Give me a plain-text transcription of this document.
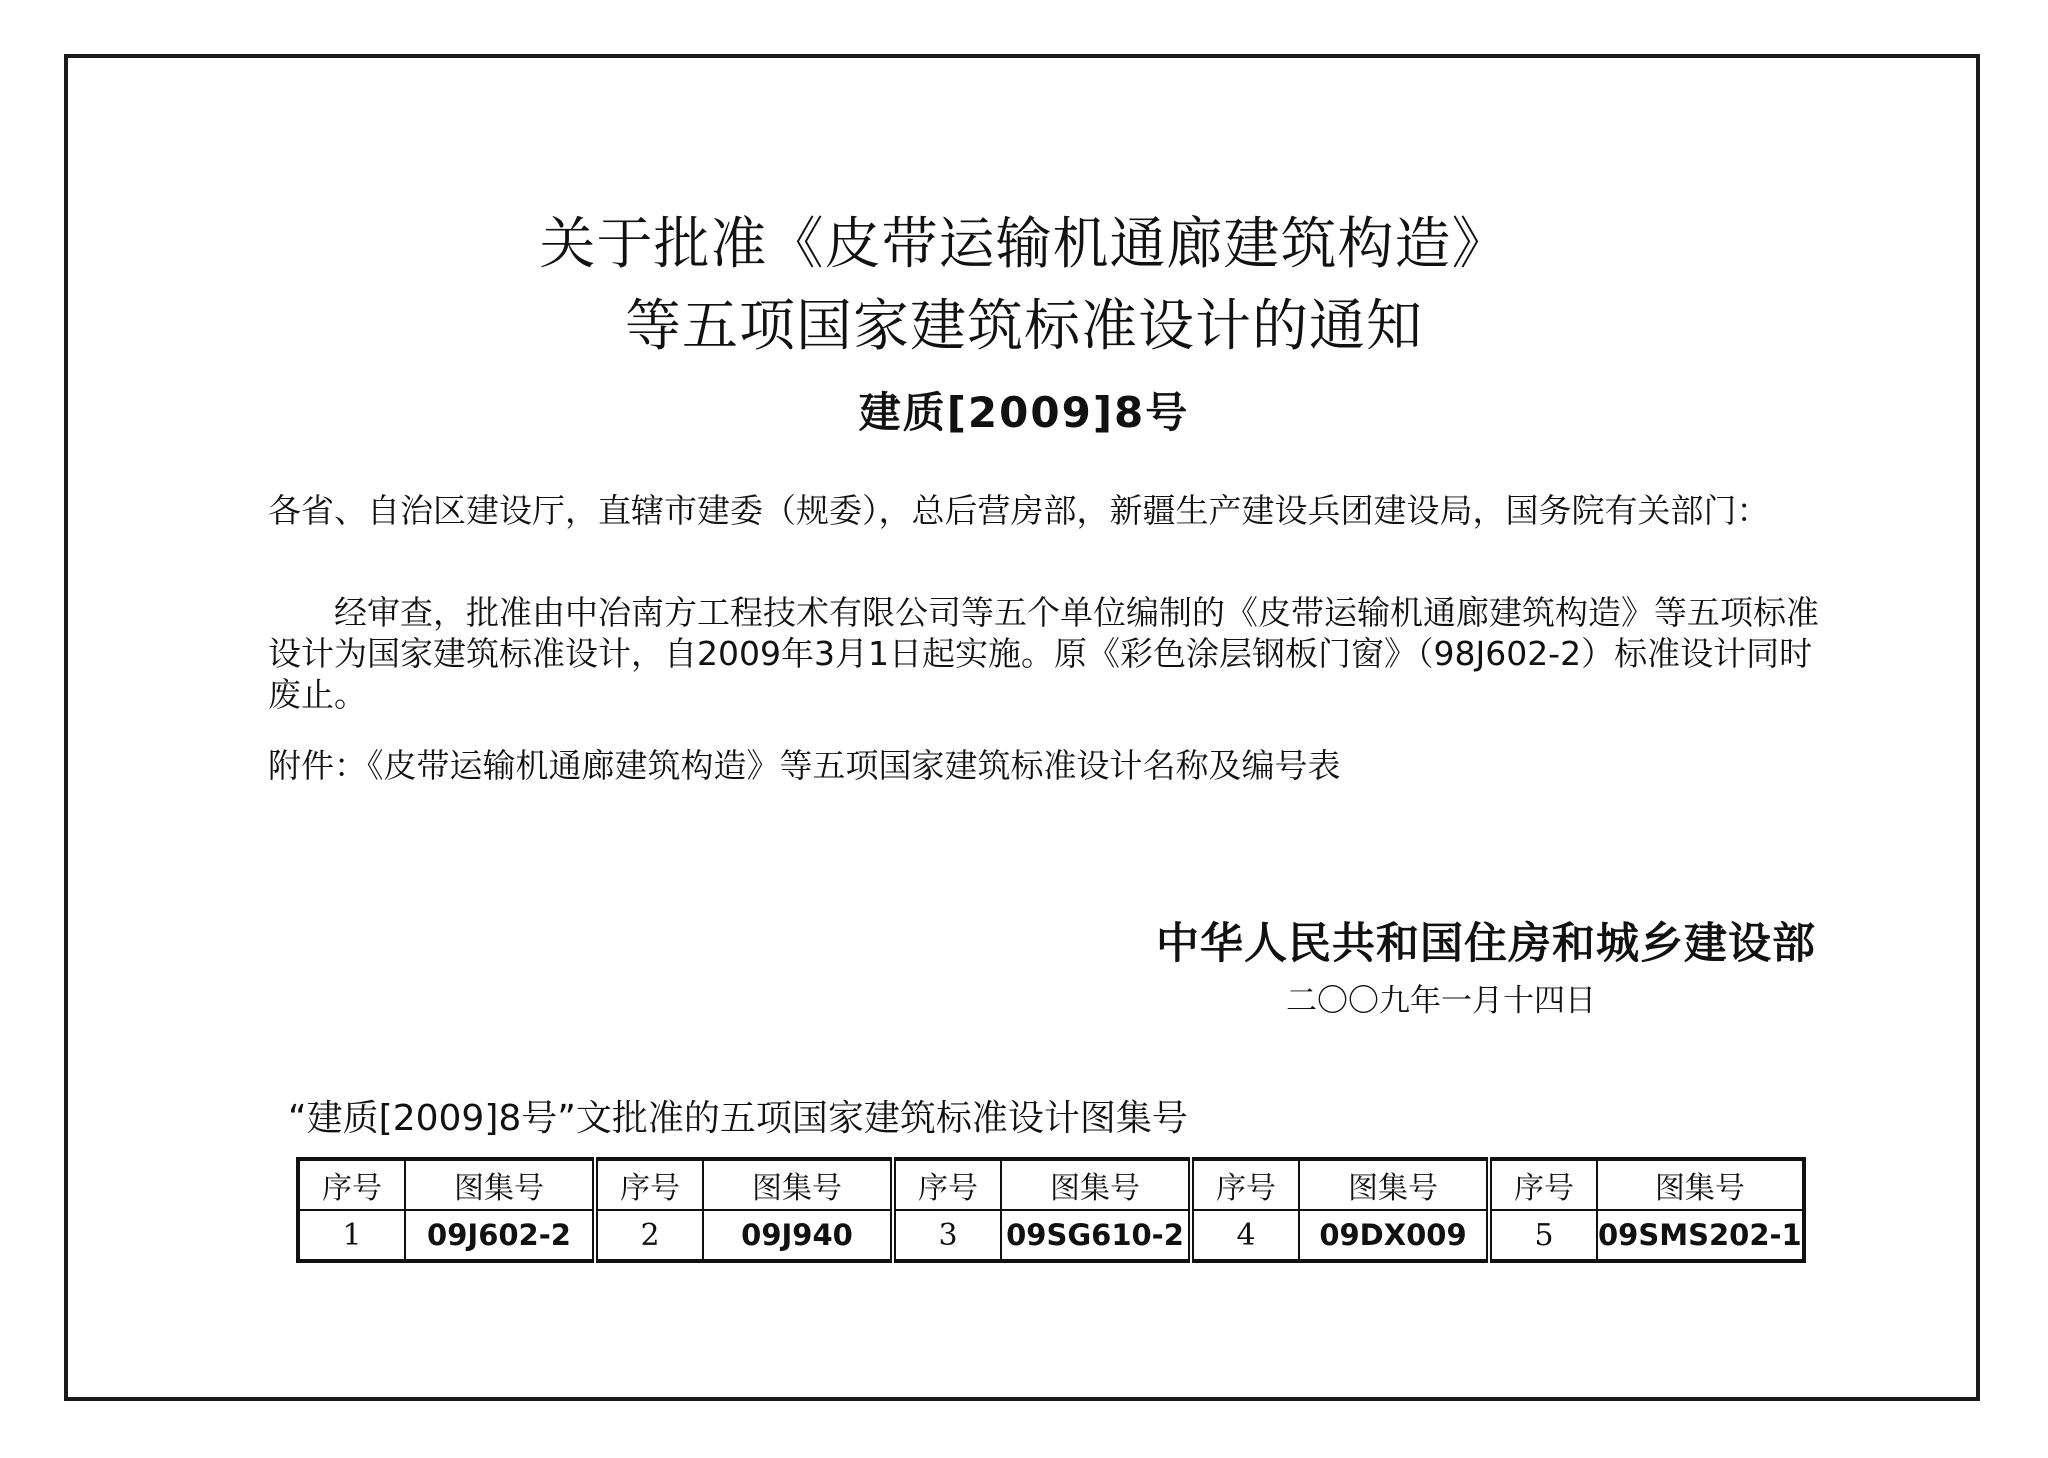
关于批准《皮带运输机通廊建筑构造》
等五项国家建筑标准设计的通知
建质[2009]8号
各省、自治区建设厅，直辖市建委（规委），总后营房部，新疆生产建设兵团建设局，国务院有关部门：
经审查，批准由中冶南方工程技术有限公司等五个单位编制的《皮带运输机通廊建筑构造》等五项标准设计为国家建筑标准设计，自2009年3月1日起实施。原《彩色涂层钢板门窗》（98J602-2）标准设计同时废止。
附件：《皮带运输机通廊建筑构造》等五项国家建筑标准设计名称及编号表
中华人民共和国住房和城乡建设部
二〇〇九年一月十四日
“建质[2009]8号”文批准的五项国家建筑标准设计图集号
序号	图集号	序号	图集号	序号	图集号	序号	图集号	序号	图集号
1	09J602-2	2	09J940	3	09SG610-2	4	09DX009	5	09SMS202-1
